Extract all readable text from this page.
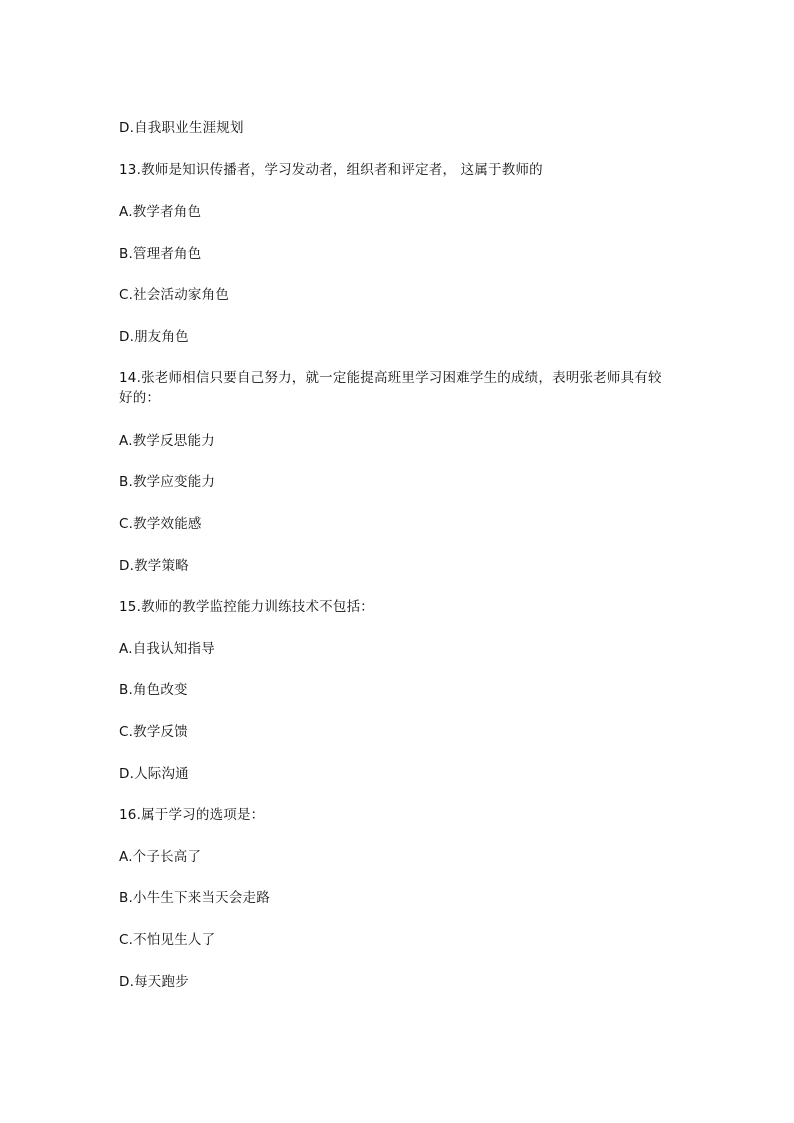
D.自我职业生涯规划
13.教师是知识传播者，学习发动者，组织者和评定者， 这属于教师的
A.教学者角色
B.管理者角色
C.社会活动家角色
D.朋友角色
14.张老师相信只要自己努力，就一定能提高班里学习困难学生的成绩，表明张老师具有较
好的：
A.教学反思能力
B.教学应变能力
C.教学效能感
D.教学策略
15.教师的教学监控能力训练技术不包括：
A.自我认知指导
B.角色改变
C.教学反馈
D.人际沟通
16.属于学习的选项是：
A.个子长高了
B.小牛生下来当天会走路
C.不怕见生人了
D.每天跑步
